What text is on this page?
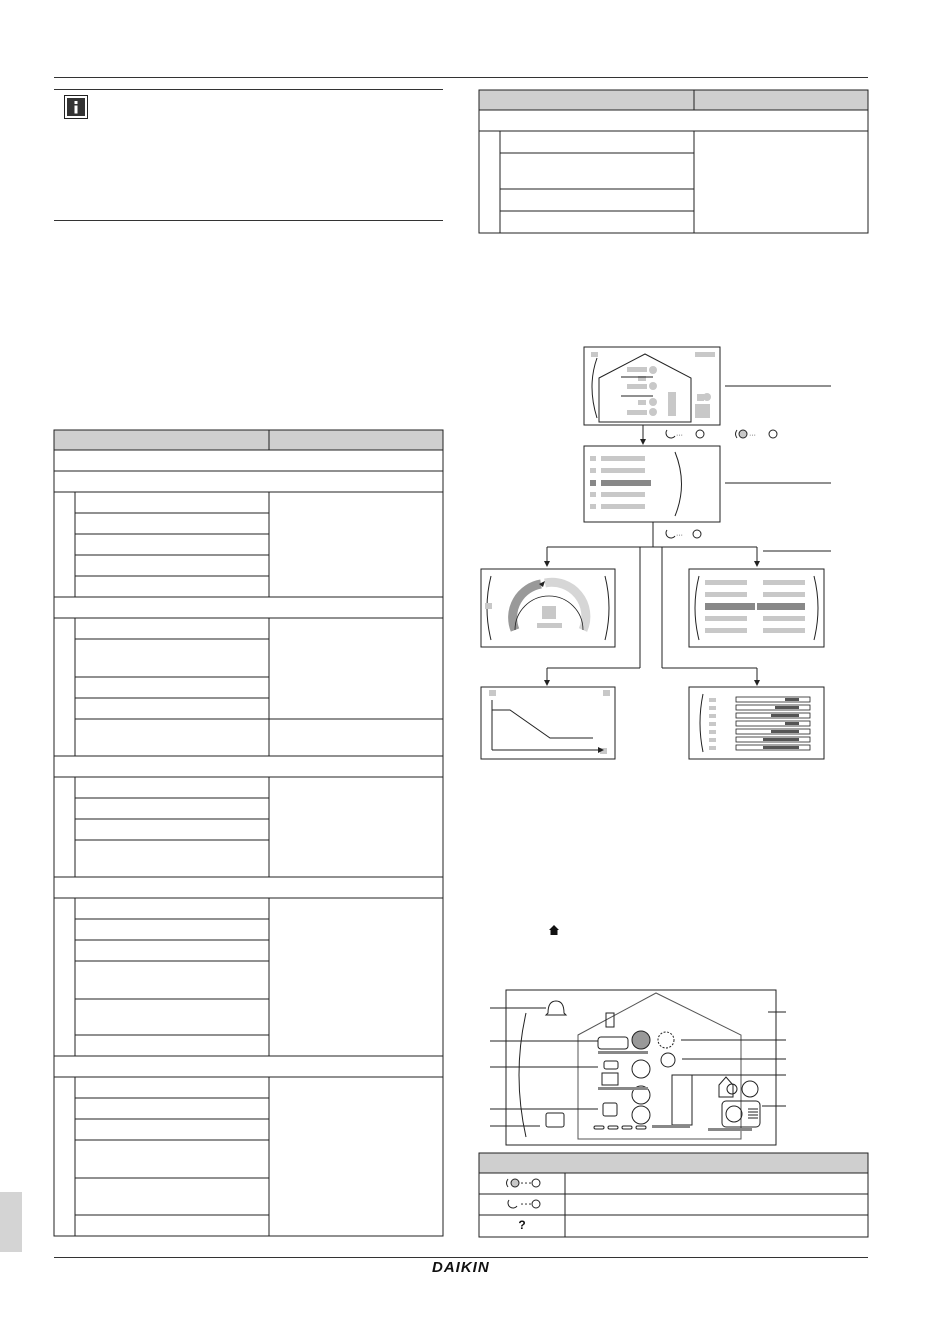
···	···
···
?
DAIKIN
